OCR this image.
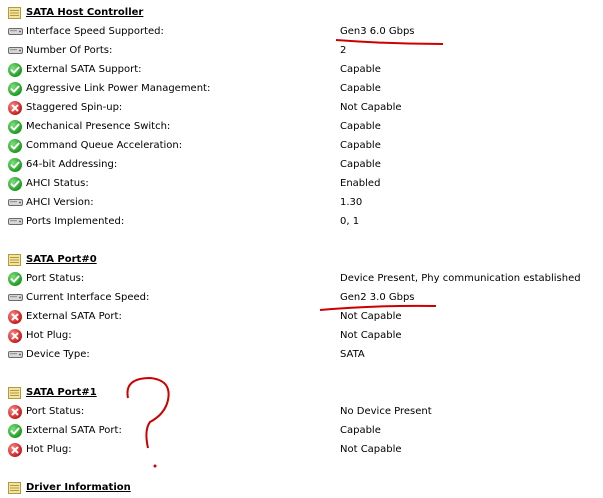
SATA Host Controller
Interface Speed Supported:	Gen3 6.0 Gbps
Number Of Ports:	2
External SATA Support:	Capable
Aggressive Link Power Management:	Capable
Staggered Spin-up:	Not Capable
Mechanical Presence Switch:	Capable
Command Queue Acceleration:	Capable
64-bit Addressing:	Capable
AHCI Status:	Enabled
AHCI Version:	1.30
Ports Implemented:	0, 1
SATA Port#0
Port Status:	Device Present, Phy communication established
Current Interface Speed:	Gen2 3.0 Gbps
External SATA Port:	Not Capable
Hot Plug:	Not Capable
Device Type:	SATA
SATA Port#1
Port Status:	No Device Present
External SATA Port:	Capable
Hot Plug:	Not Capable
Driver Information
